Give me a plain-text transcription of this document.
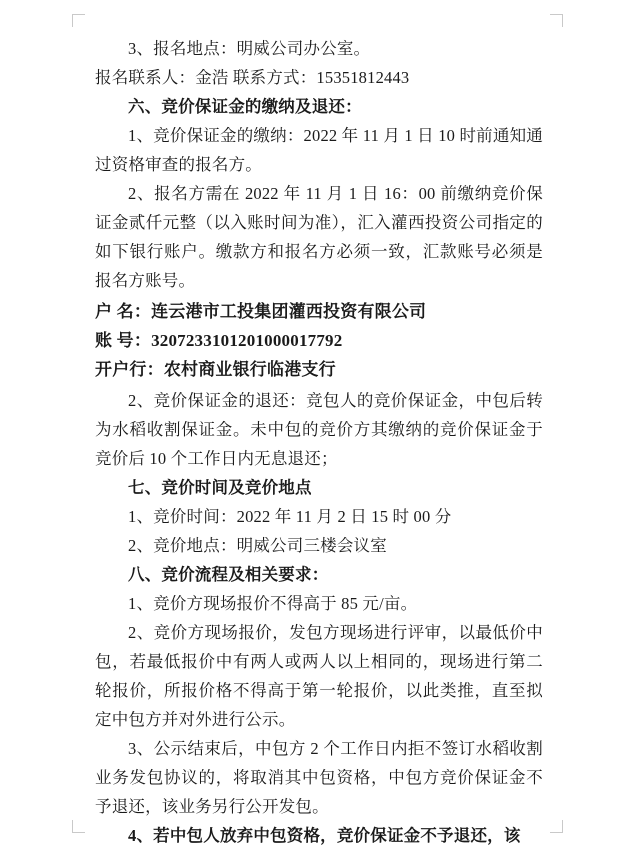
3、报名地点：明威公司办公室。

报名联系人：金浩 联系方式：15351812443

六、竞价保证金的缴纳及退还：

1、竞价保证金的缴纳：2022 年 11 月 1 日 10 时前通知通过资格审查的报名方。

2、报名方需在 2022 年 11 月 1 日 16：00 前缴纳竞价保证金贰仟元整（以入账时间为准），汇入灌西投资公司指定的如下银行账户。缴款方和报名方必须一致，汇款账号必须是报名方账号。

户 名：连云港市工投集团灌西投资有限公司

账 号：3207233101201000017792

开户行：农村商业银行临港支行

2、竞价保证金的退还：竞包人的竞价保证金，中包后转为水稻收割保证金。未中包的竞价方其缴纳的竞价保证金于竞价后 10 个工作日内无息退还；

七、竞价时间及竞价地点

1、竞价时间：2022 年 11 月 2 日 15 时 00 分

2、竞价地点：明威公司三楼会议室

八、竞价流程及相关要求：

1、竞价方现场报价不得高于 85 元/亩。

2、竞价方现场报价，发包方现场进行评审，以最低价中包，若最低报价中有两人或两人以上相同的，现场进行第二轮报价，所报价格不得高于第一轮报价，以此类推，直至拟定中包方并对外进行公示。

3、公示结束后，中包方 2 个工作日内拒不签订水稻收割业务发包协议的，将取消其中包资格，中包方竞价保证金不予退还，该业务另行公开发包。

4、若中包人放弃中包资格，竞价保证金不予退还，该
